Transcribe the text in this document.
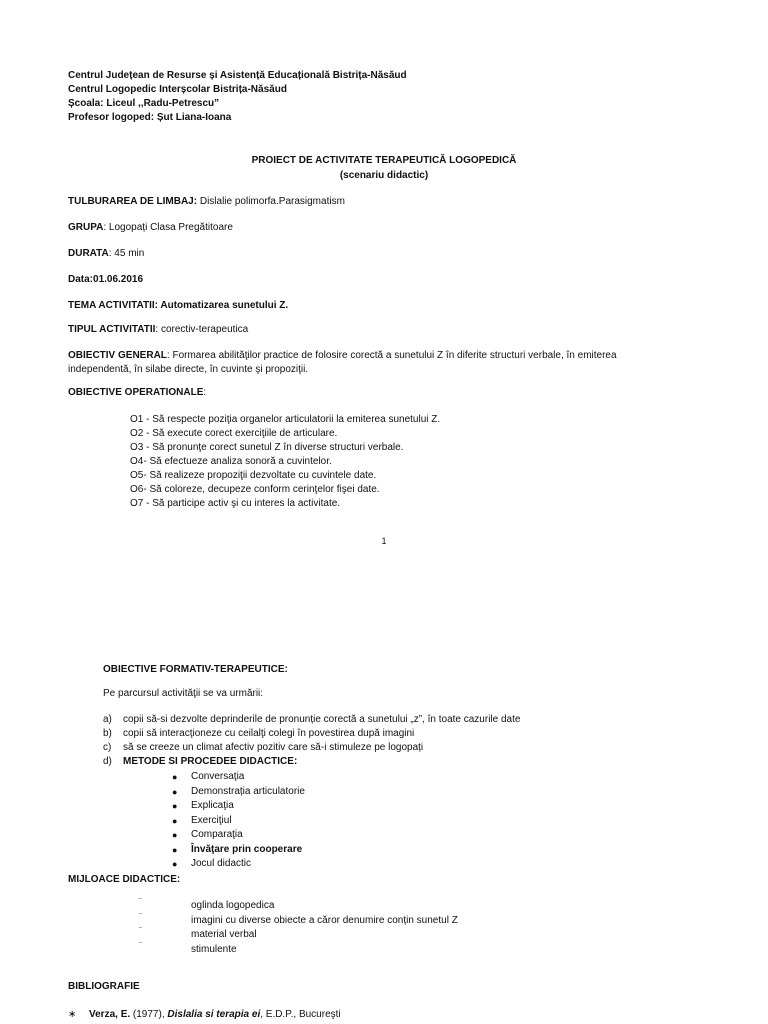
Centrul Județean de Resurse și Asistență Educațională Bistrița-Năsăud
Centrul Logopedic Interșcolar Bistrița-Năsăud
Școala: Liceul ,,Radu-Petrescu”
Profesor logoped: Șut Liana-Ioana
PROIECT DE ACTIVITATE TERAPEUTICĂ LOGOPEDICĂ
(scenariu didactic)
TULBURAREA DE LIMBAJ: Dislalie polimorfa.Parasigmatism
GRUPA: Logopați Clasa Pregătitoare
DURATA: 45 min
Data:01.06.2016
TEMA ACTIVITATII: Automatizarea sunetului Z.
TIPUL ACTIVITATII: corectiv-terapeutica
OBIECTIV GENERAL: Formarea abilităţilor practice de folosire corectă a sunetului Z în diferite structuri verbale, în emiterea
independentă, în silabe directe, în cuvinte şi propoziţii.
OBIECTIVE OPERATIONALE:
O1 - Să respecte poziţia organelor articulatorii la emiterea sunetului Z.
O2 - Să execute corect exerciţiile de articulare.
O3 - Să pronunţe corect sunetul Z în diverse structuri verbale.
O4- Să efectueze analiza sonoră a cuvintelor.
O5- Să realizeze propoziţii dezvoltate cu cuvintele date.
O6- Să coloreze, decupeze conform cerinţelor fişei date.
O7 - Să participe activ şi cu interes la activitate.
1
OBIECTIVE FORMATIV-TERAPEUTICE:
Pe parcursul activităţii se va urmării:
a)	copii să-si dezvolte deprinderile de pronunție corectă a sunetului „z”, în toate cazurile date
b)	copii să interacţioneze cu ceilalţi colegi în povestirea după imagini
c)	să se creeze un climat afectiv pozitiv care să-i stimuleze pe logopați
d)	METODE SI PROCEDEE DIDACTICE:
●	Conversaţia
●	Demonstrația articulatorie
●	Explicaţia
●	Exerciţiul
●	Comparaţia
●	Învăţare prin cooperare
●	Jocul didactic
MIJLOACE DIDACTICE:
‾	oglinda logopedica
‾	imagini cu diverse obiecte a căror denumire conțin sunetul Z
‾	material verbal
‾	stimulente
BIBLIOGRAFIE
∗ Verza, E. (1977), Dislalia si terapia ei, E.D.P., Bucureşti
